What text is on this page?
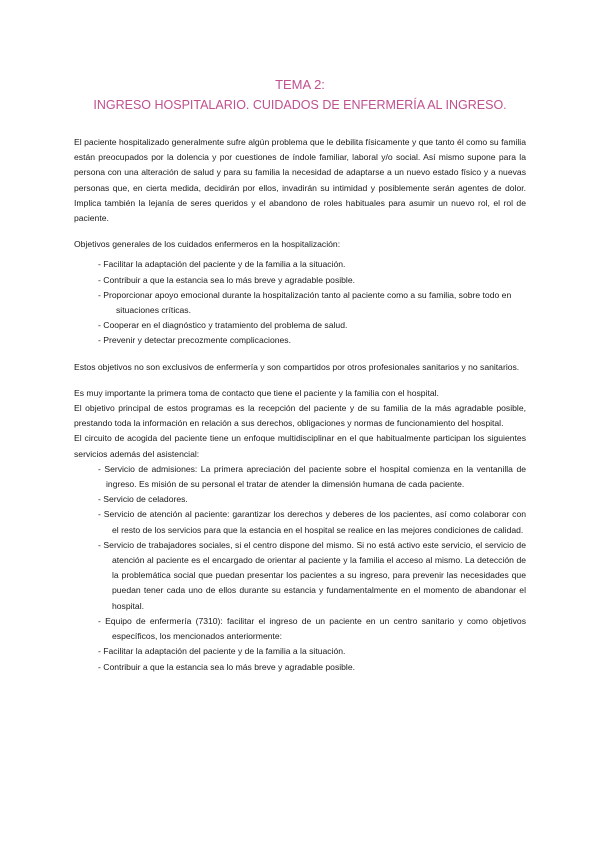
TEMA 2:
INGRESO HOSPITALARIO. CUIDADOS DE ENFERMERÍA AL INGRESO.

El paciente hospitalizado generalmente sufre algún problema que le debilita físicamente y que tanto él como su familia están preocupados por la dolencia y por cuestiones de índole familiar, laboral y/o social. Así mismo supone para la persona con una alteración de salud y para su familia la necesidad de adaptarse a un nuevo estado físico y a nuevas personas que, en cierta medida, decidirán por ellos, invadirán su intimidad y posiblemente serán agentes de dolor. Implica también la lejanía de seres queridos y el abandono de roles habituales para asumir un nuevo rol, el rol de paciente.

Objetivos generales de los cuidados enfermeros en la hospitalización:

- Facilitar la adaptación del paciente y de la familia a la situación.
- Contribuir a que la estancia sea lo más breve y agradable posible.
- Proporcionar apoyo emocional durante la hospitalización tanto al paciente como a su familia, sobre todo en situaciones críticas.
- Cooperar en el diagnóstico y tratamiento del problema de salud.
- Prevenir y detectar precozmente complicaciones.

Estos objetivos no son exclusivos de enfermería y son compartidos por otros profesionales sanitarios y no sanitarios.

Es muy importante la primera toma de contacto que tiene el paciente y la familia con el hospital.

El objetivo principal de estos programas es la recepción del paciente y de su familia de la más agradable posible, prestando toda la información en relación a sus derechos, obligaciones y normas de funcionamiento del hospital.

El circuito de acogida del paciente tiene un enfoque multidisciplinar en el que habitualmente participan los siguientes servicios además del asistencial:

- Servicio de admisiones: La primera apreciación del paciente sobre el hospital comienza en la ventanilla de ingreso. Es misión de su personal el tratar de atender la dimensión humana de cada paciente.
- Servicio de celadores.
- Servicio de atención al paciente: garantizar los derechos y deberes de los pacientes, así como colaborar con el resto de los servicios para que la estancia en el hospital se realice en las mejores condiciones de calidad.
- Servicio de trabajadores sociales, si el centro dispone del mismo. Si no está activo este servicio, el servicio de atención al paciente es el encargado de orientar al paciente y la familia el acceso al mismo. La detección de la problemática social que puedan presentar los pacientes a su ingreso, para prevenir las necesidades que puedan tener cada uno de ellos durante su estancia y fundamentalmente en el momento de abandonar el hospital.
- Equipo de enfermería (7310): facilitar el ingreso de un paciente en un centro sanitario y como objetivos específicos, los mencionados anteriormente:
- Facilitar la adaptación del paciente y de la familia a la situación.
- Contribuir a que la estancia sea lo más breve y agradable posible.
